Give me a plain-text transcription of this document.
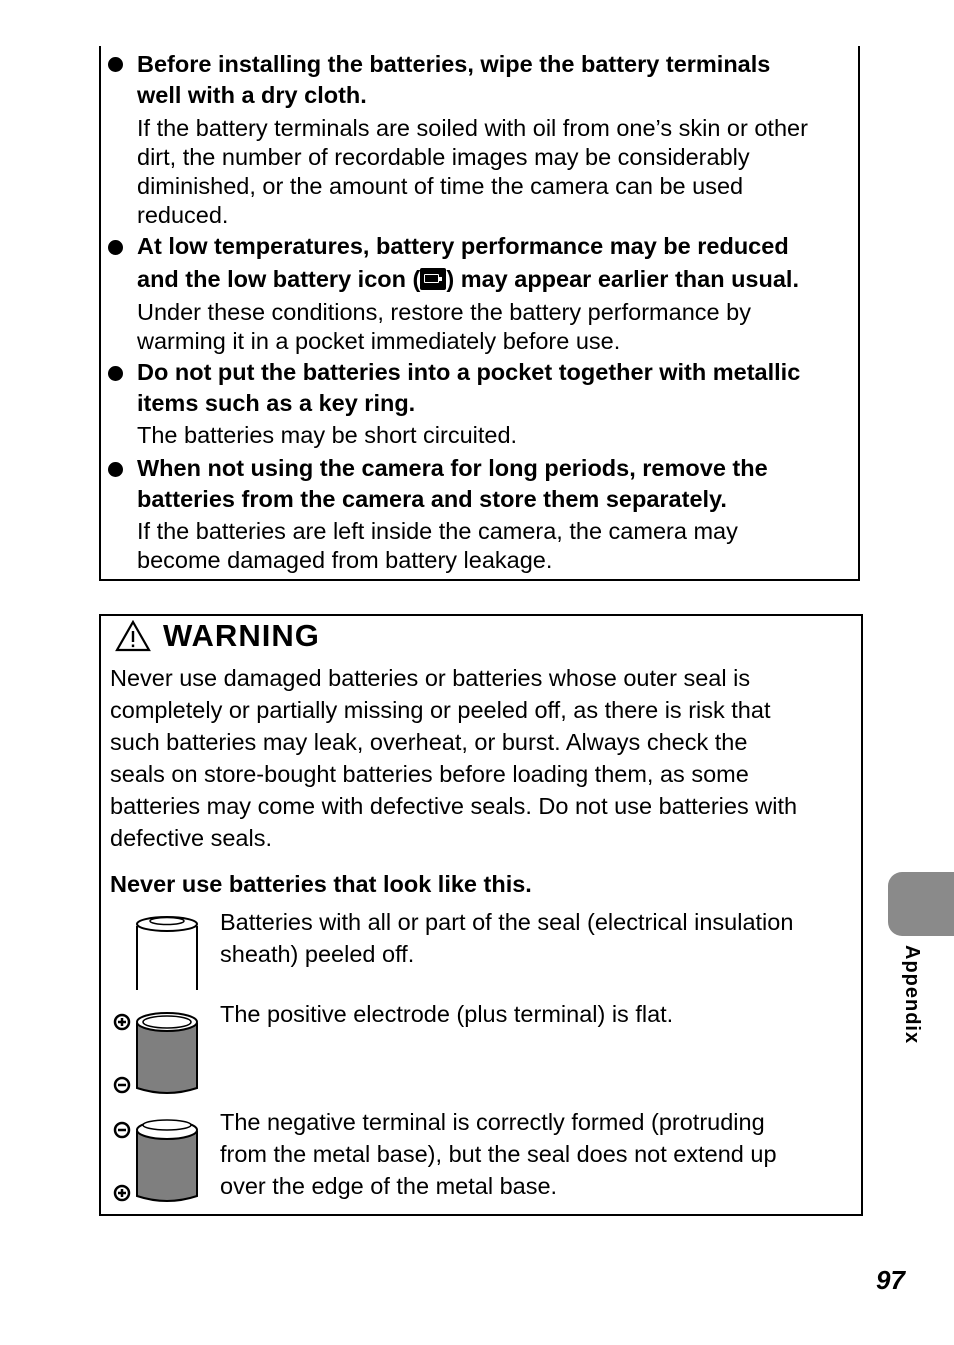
Before installing the batteries, wipe the battery terminals
well with a dry cloth.
If the battery terminals are soiled with oil from one’s skin or other
dirt, the number of recordable images may be considerably
diminished, or the amount of time the camera can be used
reduced.
At low temperatures, battery performance may be reduced
and the low battery icon ( ) may appear earlier than usual.
Under these conditions, restore the battery performance by
warming it in a pocket immediately before use.
Do not put the batteries into a pocket together with metallic
items such as a key ring.
The batteries may be short circuited.
When not using the camera for long periods, remove the
batteries from the camera and store them separately.
If the batteries are left inside the camera, the camera may
become damaged from battery leakage.
WARNING
Never use damaged batteries or batteries whose outer seal is
completely or partially missing or peeled off, as there is risk that
such batteries may leak, overheat, or burst. Always check the
seals on store-bought batteries before loading them, as some
batteries may come with defective seals. Do not use batteries with
defective seals.
Never use batteries that look like this.
Batteries with all or part of the seal (electrical insulation
sheath) peeled off.
The positive electrode (plus terminal) is flat.
The negative terminal is correctly formed (protruding
from the metal base), but the seal does not extend up
over the edge of the metal base.
Appendix
97
